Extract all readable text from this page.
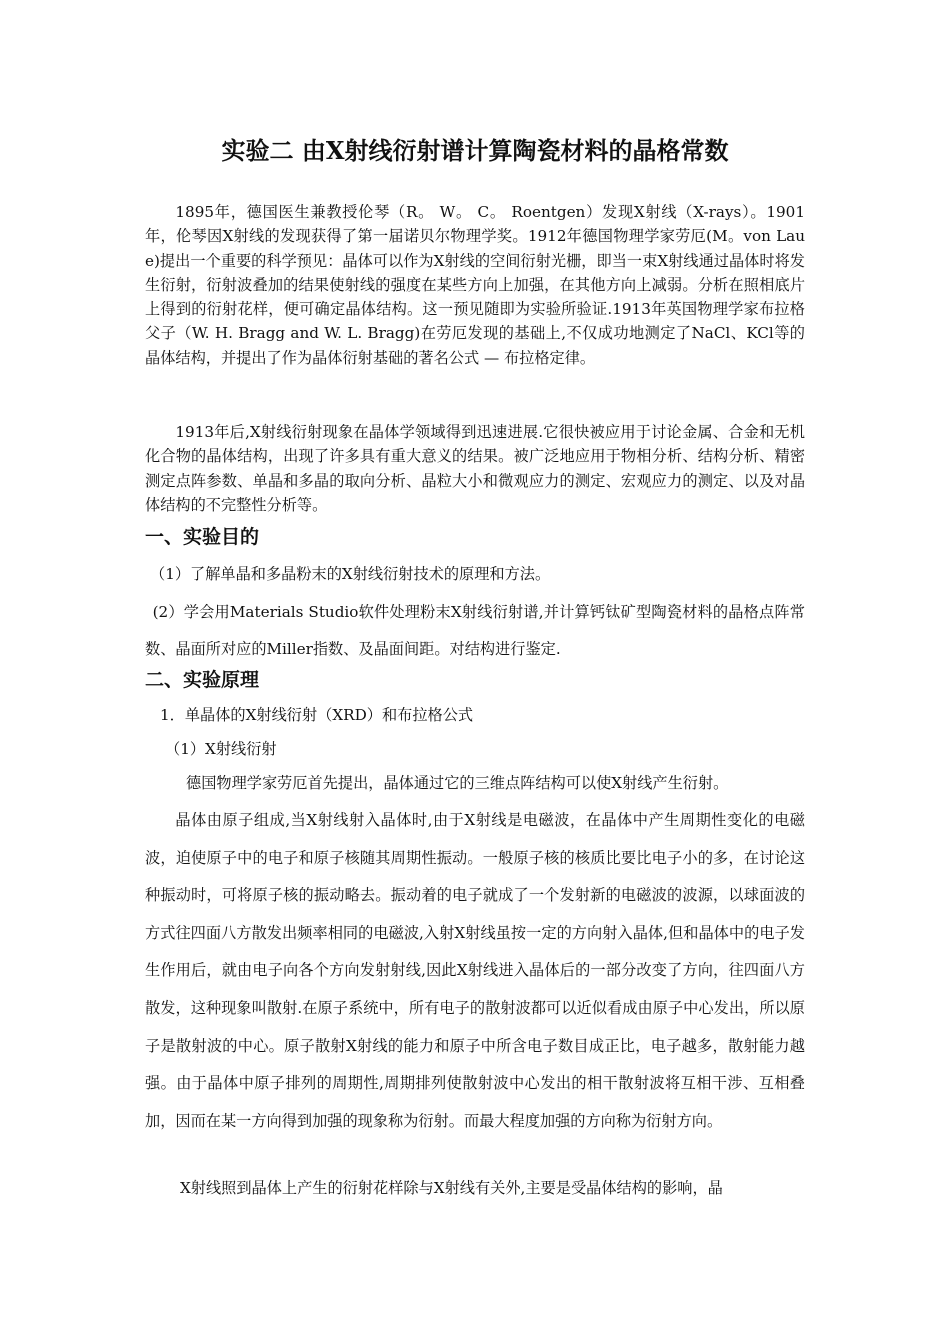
实验二 由X射线衍射谱计算陶瓷材料的晶格常数

1895年，德国医生兼教授伦琴（R。 W。 C。 Roentgen）发现X射线（X-rays）。1901年，伦琴因X射线的发现获得了第一届诺贝尔物理学奖。1912年德国物理学家劳厄(M。von Laue)提出一个重要的科学预见：晶体可以作为X射线的空间衍射光栅，即当一束X射线通过晶体时将发生衍射，衍射波叠加的结果使射线的强度在某些方向上加强，在其他方向上减弱。分析在照相底片上得到的衍射花样，便可确定晶体结构。这一预见随即为实验所验证.1913年英国物理学家布拉格父子（W. H. Bragg and W. L. Bragg)在劳厄发现的基础上,不仅成功地测定了NaCl、KCl等的晶体结构，并提出了作为晶体衍射基础的著名公式 — 布拉格定律。

1913年后,X射线衍射现象在晶体学领域得到迅速进展.它很快被应用于讨论金属、合金和无机化合物的晶体结构，出现了许多具有重大意义的结果。被广泛地应用于物相分析、结构分析、精密测定点阵参数、单晶和多晶的取向分析、晶粒大小和微观应力的测定、宏观应力的测定、以及对晶体结构的不完整性分析等。

一、实验目的

（1）了解单晶和多晶粉末的X射线衍射技术的原理和方法。

(2）学会用Materials Studio软件处理粉末X射线衍射谱,并计算钙钛矿型陶瓷材料的晶格点阵常数、晶面所对应的Miller指数、及晶面间距。对结构进行鉴定.

二、实验原理

1．单晶体的X射线衍射（XRD）和布拉格公式

（1）X射线衍射

德国物理学家劳厄首先提出，晶体通过它的三维点阵结构可以使X射线产生衍射。

晶体由原子组成,当X射线射入晶体时,由于X射线是电磁波，在晶体中产生周期性变化的电磁波，迫使原子中的电子和原子核随其周期性振动。一般原子核的核质比要比电子小的多，在讨论这种振动时，可将原子核的振动略去。振动着的电子就成了一个发射新的电磁波的波源，以球面波的方式往四面八方散发出频率相同的电磁波,入射X射线虽按一定的方向射入晶体,但和晶体中的电子发生作用后，就由电子向各个方向发射射线,因此X射线进入晶体后的一部分改变了方向，往四面八方散发，这种现象叫散射.在原子系统中，所有电子的散射波都可以近似看成由原子中心发出，所以原子是散射波的中心。原子散射X射线的能力和原子中所含电子数目成正比，电子越多，散射能力越强。由于晶体中原子排列的周期性,周期排列使散射波中心发出的相干散射波将互相干涉、互相叠加，因而在某一方向得到加强的现象称为衍射。而最大程度加强的方向称为衍射方向。

X射线照到晶体上产生的衍射花样除与X射线有关外,主要是受晶体结构的影响，晶
